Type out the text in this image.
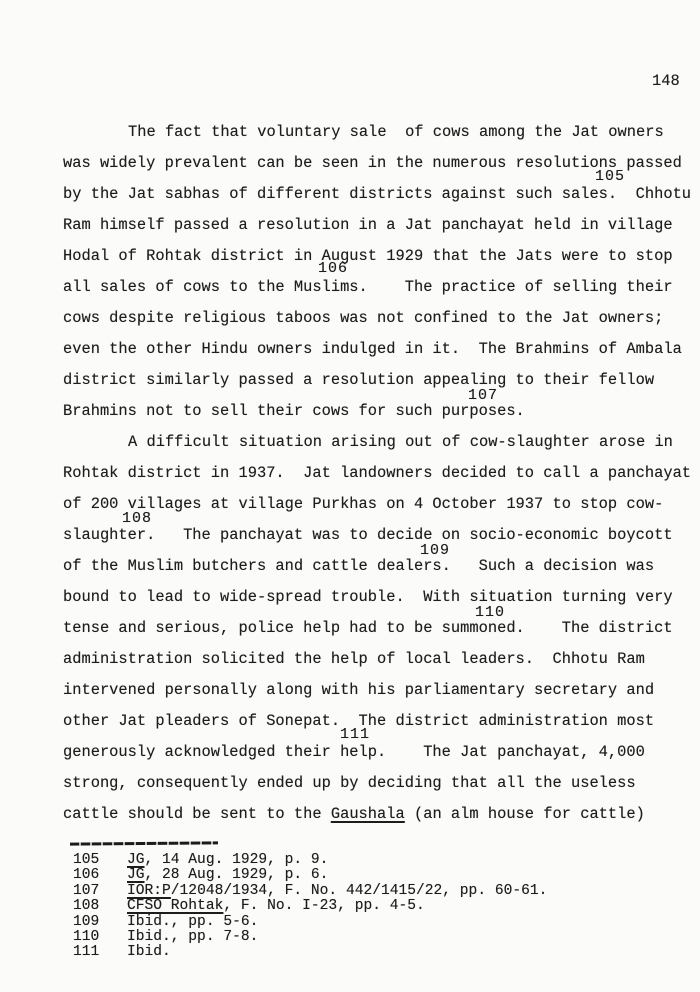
148
The fact that voluntary sale  of cows among the Jat owners
was widely prevalent can be seen in the numerous resolutions passed
by the Jat sabhas of different districts against such sales.  Chhotu
Ram himself passed a resolution in a Jat panchayat held in village
Hodal of Rohtak district in August 1929 that the Jats were to stop
all sales of cows to the Muslims.    The practice of selling their
cows despite religious taboos was not confined to the Jat owners;
even the other Hindu owners indulged in it.  The Brahmins of Ambala
district similarly passed a resolution appealing to their fellow
Brahmins not to sell their cows for such purposes.
A difficult situation arising out of cow-slaughter arose in
Rohtak district in 1937.  Jat landowners decided to call a panchayat
of 200 villages at village Purkhas on 4 October 1937 to stop cow-
slaughter.   The panchayat was to decide on socio-economic boycott
of the Muslim butchers and cattle dealers.   Such a decision was
bound to lead to wide-spread trouble.  With situation turning very
tense and serious, police help had to be summoned.    The district
administration solicited the help of local leaders.  Chhotu Ram
intervened personally along with his parliamentary secretary and
other Jat pleaders of Sonepat.  The district administration most
generously acknowledged their help.    The Jat panchayat, 4,000
strong, consequently ended up by deciding that all the useless
cattle should be sent to the Gaushala (an alm house for cattle)
105	JG, 14 Aug. 1929, p. 9.
106	JG, 28 Aug. 1929, p. 6.
107	IOR:P/12048/1934, F. No. 442/1415/22, pp. 60-61.
108	CFSO Rohtak, F. No. I-23, pp. 4-5.
109	Ibid., pp. 5-6.
110	Ibid., pp. 7-8.
111	Ibid.
105
106
107
108
109
110
111
